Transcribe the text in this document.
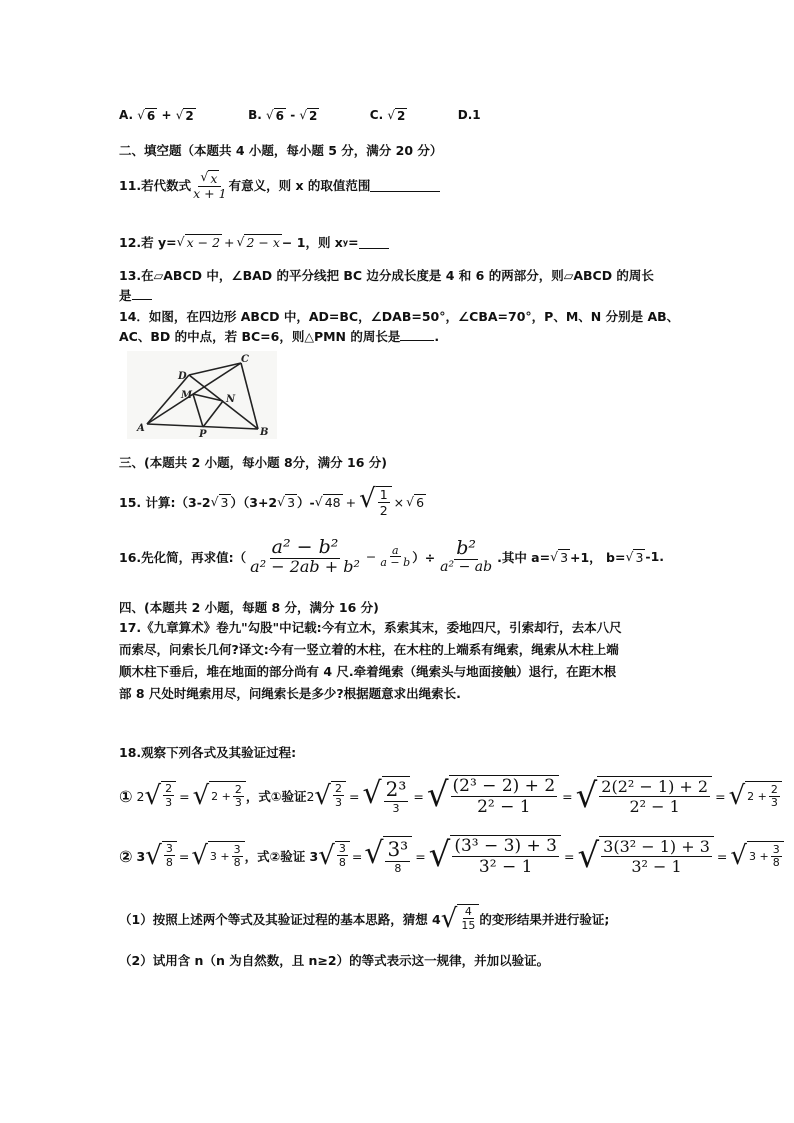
A. √ 6 + √ 2	B. √ 6 - √ 2	C. √ 2	D.1
二、填空题（本题共 4 小题，每小题 5 分，满分 20 分）
11.若代数式 $\frac{√ x}{x + 1}$ 有意义，则 x 的取值范围
12.若 y= √ x − 2 + √ 2 − x − 1，则 x y =
13.在▱ABCD 中，∠BAD 的平分线把 BC 边分成长度是 4 和 6 的两部分，则▱ABCD 的周长
是
14．如图，在四边形 ABCD 中，AD=BC，∠DAB=50°，∠CBA=70°，P、M、N 分别是 AB、
AC、BD 的中点，若 BC=6，则△PMN 的周长是	.
A	B
C
D
M	N
P
三、(本题共 2 小题，每小题 8分，满分 16 分)
15. 计算:（3-2 √ 3 ）（3+2 √ 3 ）- √ 48 + √ $\frac{1}{2}$ × √ 6
16.先化简，再求值:（ $\frac{\text{a² − b²}}{\text{a² − 2ab + b²}} - \frac{a}{a - b}$ ）÷ $\frac{\text{b²}}{\text{a² − ab}}$ .其中 a= √ 3 +1， b= √ 3 -1.
四、(本题共 2 小题，每题 8 分，满分 16 分)
17.《九章算术》卷九"勾股"中记载:今有立木，系索其末，委地四尺，引索却行，去本八尺
而索尽，问索长几何?译文:今有一竖立着的木柱，在木柱的上端系有绳索，绳索从木柱上端
顺木柱下垂后，堆在地面的部分尚有 4 尺.牵着绳索（绳索头与地面接触）退行，在距木根
部 8 尺处时绳索用尽，问绳索长是多少?根据题意求出绳索长.
18.观察下列各式及其验证过程:
① 2 √ $\frac{2}{3}$ = √ $2 + \frac{2}{3}$ ，式①验证 2 √ $\frac{2}{3}$ = √ $\frac{\text{2³}}{3}$ = √ $\frac{\text{(2³ − 2) + 2}}{\text{2² − 1}}$ = √ $\frac{\text{2(2² − 1) + 2}}{\text{2² − 1}}$ = √ $2 + \frac{2}{3}$
② 3 √ $\frac{3}{8}$ = √ $3 + \frac{3}{8}$ ，式②验证 3 √ $\frac{3}{8}$ = √ $\frac{\text{3³}}{8}$ = √ $\frac{\text{(3³ − 3) + 3}}{\text{3² − 1}}$ = √ $\frac{\text{3(3² − 1) + 3}}{\text{3² − 1}}$ = √ $3 + \frac{3}{8}$
（1）按照上述两个等式及其验证过程的基本思路，猜想 4 √ $\frac{4}{15}$ 的变形结果并进行验证;
（2）试用含 n（n 为自然数，且 n≥2）的等式表示这一规律，并加以验证。
